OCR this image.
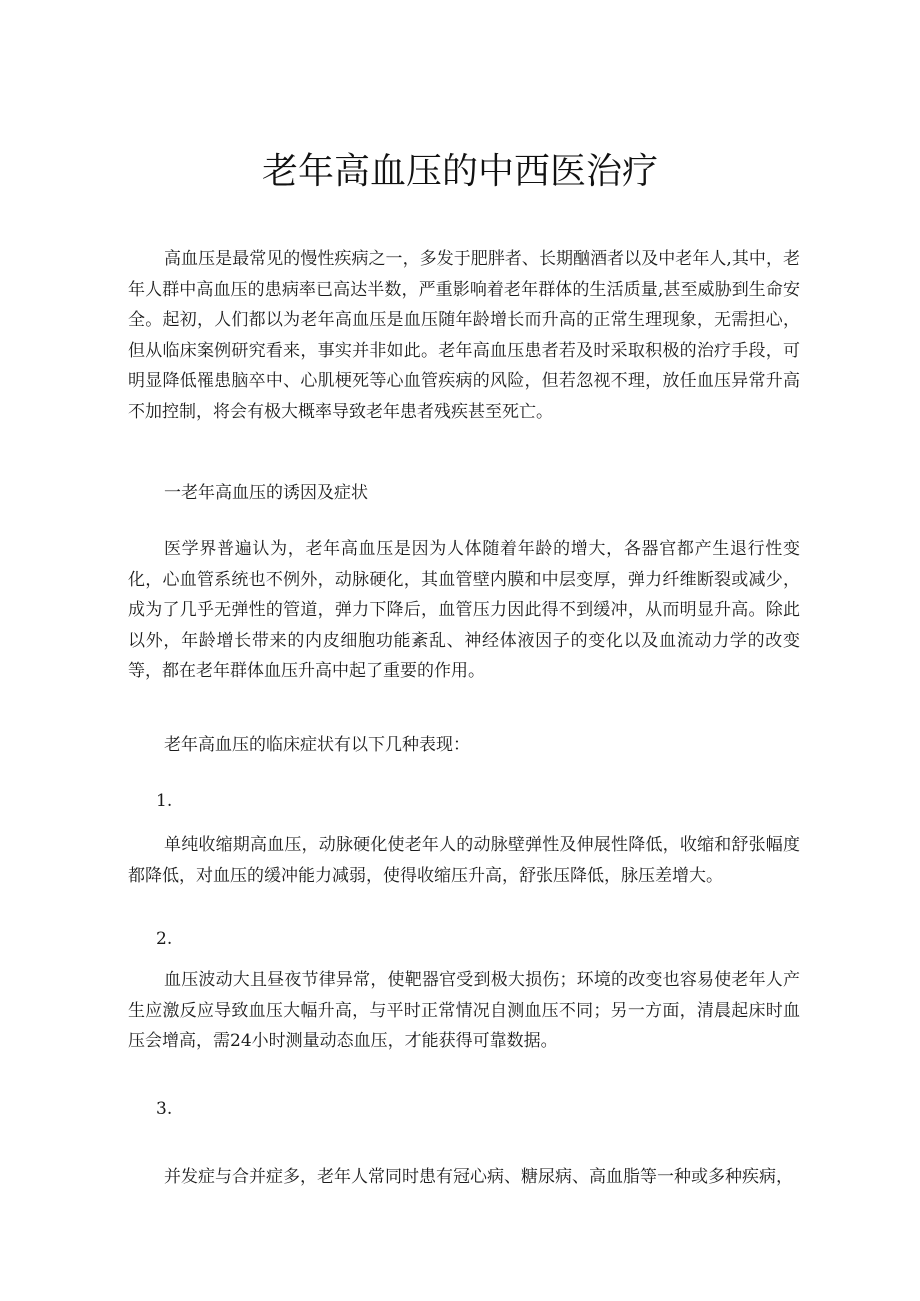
老年高血压的中西医治疗

高血压是最常见的慢性疾病之一，多发于肥胖者、长期酗酒者以及中老年人,其中，老年人群中高血压的患病率已高达半数，严重影响着老年群体的生活质量,甚至威胁到生命安全。起初，人们都以为老年高血压是血压随年龄增长而升高的正常生理现象，无需担心，但从临床案例研究看来，事实并非如此。老年高血压患者若及时采取积极的治疗手段，可明显降低罹患脑卒中、心肌梗死等心血管疾病的风险，但若忽视不理，放任血压异常升高不加控制，将会有极大概率导致老年患者残疾甚至死亡。

一老年高血压的诱因及症状

医学界普遍认为，老年高血压是因为人体随着年龄的增大，各器官都产生退行性变化，心血管系统也不例外，动脉硬化，其血管壁内膜和中层变厚，弹力纤维断裂或减少，成为了几乎无弹性的管道，弹力下降后，血管压力因此得不到缓冲，从而明显升高。除此以外，年龄增长带来的内皮细胞功能紊乱、神经体液因子的变化以及血流动力学的改变等，都在老年群体血压升高中起了重要的作用。

老年高血压的临床症状有以下几种表现：

1.

单纯收缩期高血压，动脉硬化使老年人的动脉壁弹性及伸展性降低，收缩和舒张幅度都降低，对血压的缓冲能力减弱，使得收缩压升高，舒张压降低，脉压差增大。

2.

血压波动大且昼夜节律异常，使靶器官受到极大损伤；环境的改变也容易使老年人产生应激反应导致血压大幅升高，与平时正常情况自测血压不同；另一方面，清晨起床时血压会增高，需24小时测量动态血压，才能获得可靠数据。

3.

并发症与合并症多，老年人常同时患有冠心病、糖尿病、高血脂等一种或多种疾病，
